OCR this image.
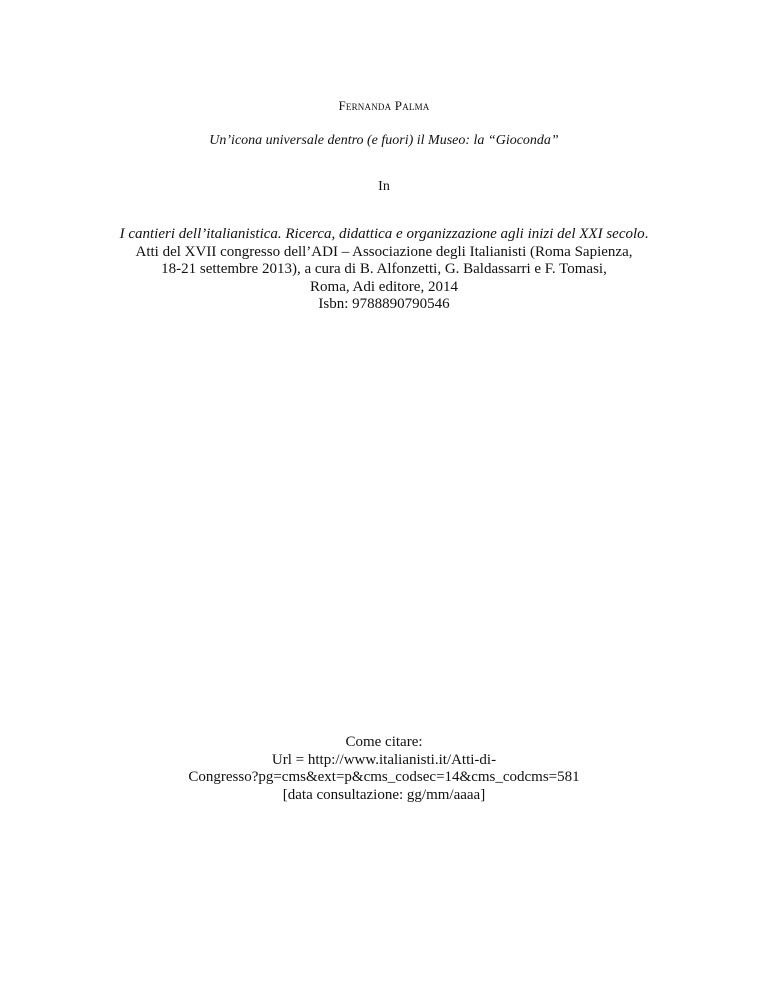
Fernanda Palma
Un’icona universale dentro (e fuori) il Museo: la “Gioconda”
In
I cantieri dell’italianistica. Ricerca, didattica e organizzazione agli inizi del XXI secolo.
Atti del XVII congresso dell’ADI – Associazione degli Italianisti (Roma Sapienza,
18-21 settembre 2013), a cura di B. Alfonzetti, G. Baldassarri e F. Tomasi,
Roma, Adi editore, 2014
Isbn: 9788890790546
Come citare:
Url = http://www.italianisti.it/Atti-di-
Congresso?pg=cms&ext=p&cms_codsec=14&cms_codcms=581
[data consultazione: gg/mm/aaaa]
